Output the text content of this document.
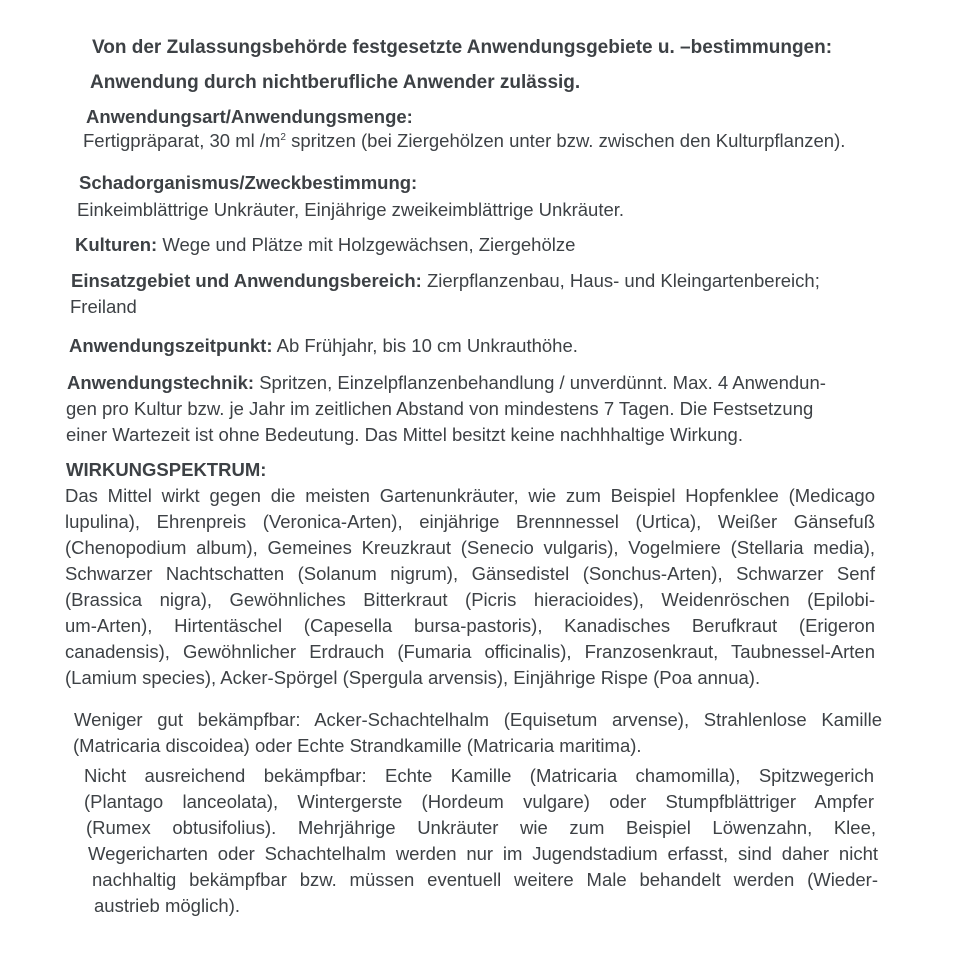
Von der Zulassungsbehörde festgesetzte Anwendungsgebiete u. –bestimmungen:
Anwendung durch nichtberufliche Anwender zulässig.
Anwendungsart/Anwendungsmenge:
Fertigpräparat, 30 ml $/m^2$ spritzen (bei Ziergehölzen unter bzw. zwischen den Kulturpflanzen).
Schadorganismus/Zweckbestimmung:
Einkeimblättrige Unkräuter, Einjährige zweikeimblättrige Unkräuter.
Kulturen: Wege und Plätze mit Holzgewächsen, Ziergehölze
Einsatzgebiet und Anwendungsbereich: Zierpflanzenbau, Haus- und Kleingartenbereich;
Freiland
Anwendungszeitpunkt: Ab Frühjahr, bis 10 cm Unkrauthöhe.
Anwendungstechnik: Spritzen, Einzelpflanzenbehandlung / unverdünnt. Max. 4 Anwendun-
gen pro Kultur bzw. je Jahr im zeitlichen Abstand von mindestens 7 Tagen. Die Festsetzung
einer Wartezeit ist ohne Bedeutung. Das Mittel besitzt keine nachhhaltige Wirkung.
WIRKUNGSPEKTRUM:
Das Mittel wirkt gegen die meisten Gartenunkräuter, wie zum Beispiel Hopfenklee (Medicago
lupulina), Ehrenpreis (Veronica-Arten), einjährige Brennnessel (Urtica), Weißer Gänsefuß
(Chenopodium album), Gemeines Kreuzkraut (Senecio vulgaris), Vogelmiere (Stellaria media),
Schwarzer Nachtschatten (Solanum nigrum), Gänsedistel (Sonchus-Arten), Schwarzer Senf
(Brassica nigra), Gewöhnliches Bitterkraut (Picris hieracioides), Weidenröschen (Epilobi-
um-Arten), Hirtentäschel (Capesella bursa-pastoris), Kanadisches Berufkraut (Erigeron
canadensis), Gewöhnlicher Erdrauch (Fumaria officinalis), Franzosenkraut, Taubnessel-Arten
(Lamium species), Acker-Spörgel (Spergula arvensis), Einjährige Rispe (Poa annua).
Weniger gut bekämpfbar: Acker-Schachtelhalm (Equisetum arvense), Strahlenlose Kamille
(Matricaria discoidea) oder Echte Strandkamille (Matricaria maritima).
Nicht ausreichend bekämpfbar: Echte Kamille (Matricaria chamomilla), Spitzwegerich
(Plantago lanceolata), Wintergerste (Hordeum vulgare) oder Stumpfblättriger Ampfer
(Rumex obtusifolius). Mehrjährige Unkräuter wie zum Beispiel Löwenzahn, Klee,
Wegericharten oder Schachtelhalm werden nur im Jugendstadium erfasst, sind daher nicht
nachhaltig bekämpfbar bzw. müssen eventuell weitere Male behandelt werden (Wieder-
austrieb möglich).
